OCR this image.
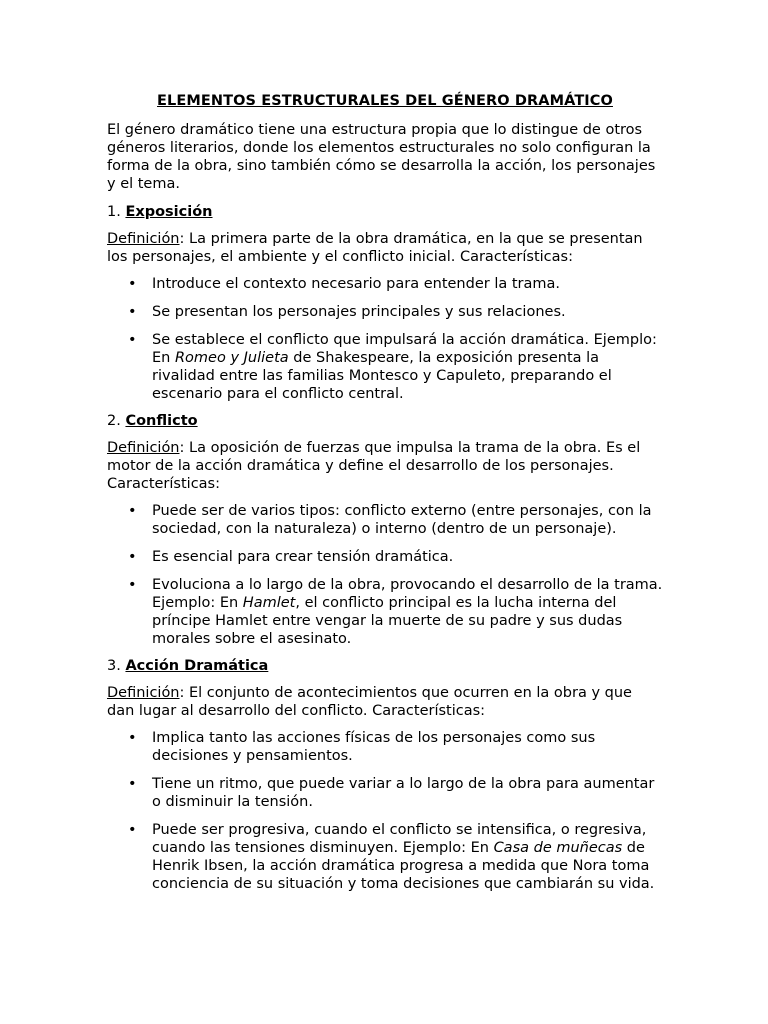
ELEMENTOS ESTRUCTURALES DEL GÉNERO DRAMÁTICO

El género dramático tiene una estructura propia que lo distingue de otros géneros literarios, donde los elementos estructurales no solo configuran la forma de la obra, sino también cómo se desarrolla la acción, los personajes y el tema.

1. Exposición

Definición: La primera parte de la obra dramática, en la que se presentan los personajes, el ambiente y el conflicto inicial. Características:

• Introduce el contexto necesario para entender la trama.
• Se presentan los personajes principales y sus relaciones.
• Se establece el conflicto que impulsará la acción dramática. Ejemplo: En Romeo y Julieta de Shakespeare, la exposición presenta la rivalidad entre las familias Montesco y Capuleto, preparando el escenario para el conflicto central.

2. Conflicto

Definición: La oposición de fuerzas que impulsa la trama de la obra. Es el motor de la acción dramática y define el desarrollo de los personajes. Características:

• Puede ser de varios tipos: conflicto externo (entre personajes, con la sociedad, con la naturaleza) o interno (dentro de un personaje).
• Es esencial para crear tensión dramática.
• Evoluciona a lo largo de la obra, provocando el desarrollo de la trama. Ejemplo: En Hamlet, el conflicto principal es la lucha interna del príncipe Hamlet entre vengar la muerte de su padre y sus dudas morales sobre el asesinato.

3. Acción Dramática

Definición: El conjunto de acontecimientos que ocurren en la obra y que dan lugar al desarrollo del conflicto. Características:

• Implica tanto las acciones físicas de los personajes como sus decisiones y pensamientos.
• Tiene un ritmo, que puede variar a lo largo de la obra para aumentar o disminuir la tensión.
• Puede ser progresiva, cuando el conflicto se intensifica, o regresiva, cuando las tensiones disminuyen. Ejemplo: En Casa de muñecas de Henrik Ibsen, la acción dramática progresa a medida que Nora toma conciencia de su situación y toma decisiones que cambiarán su vida.
